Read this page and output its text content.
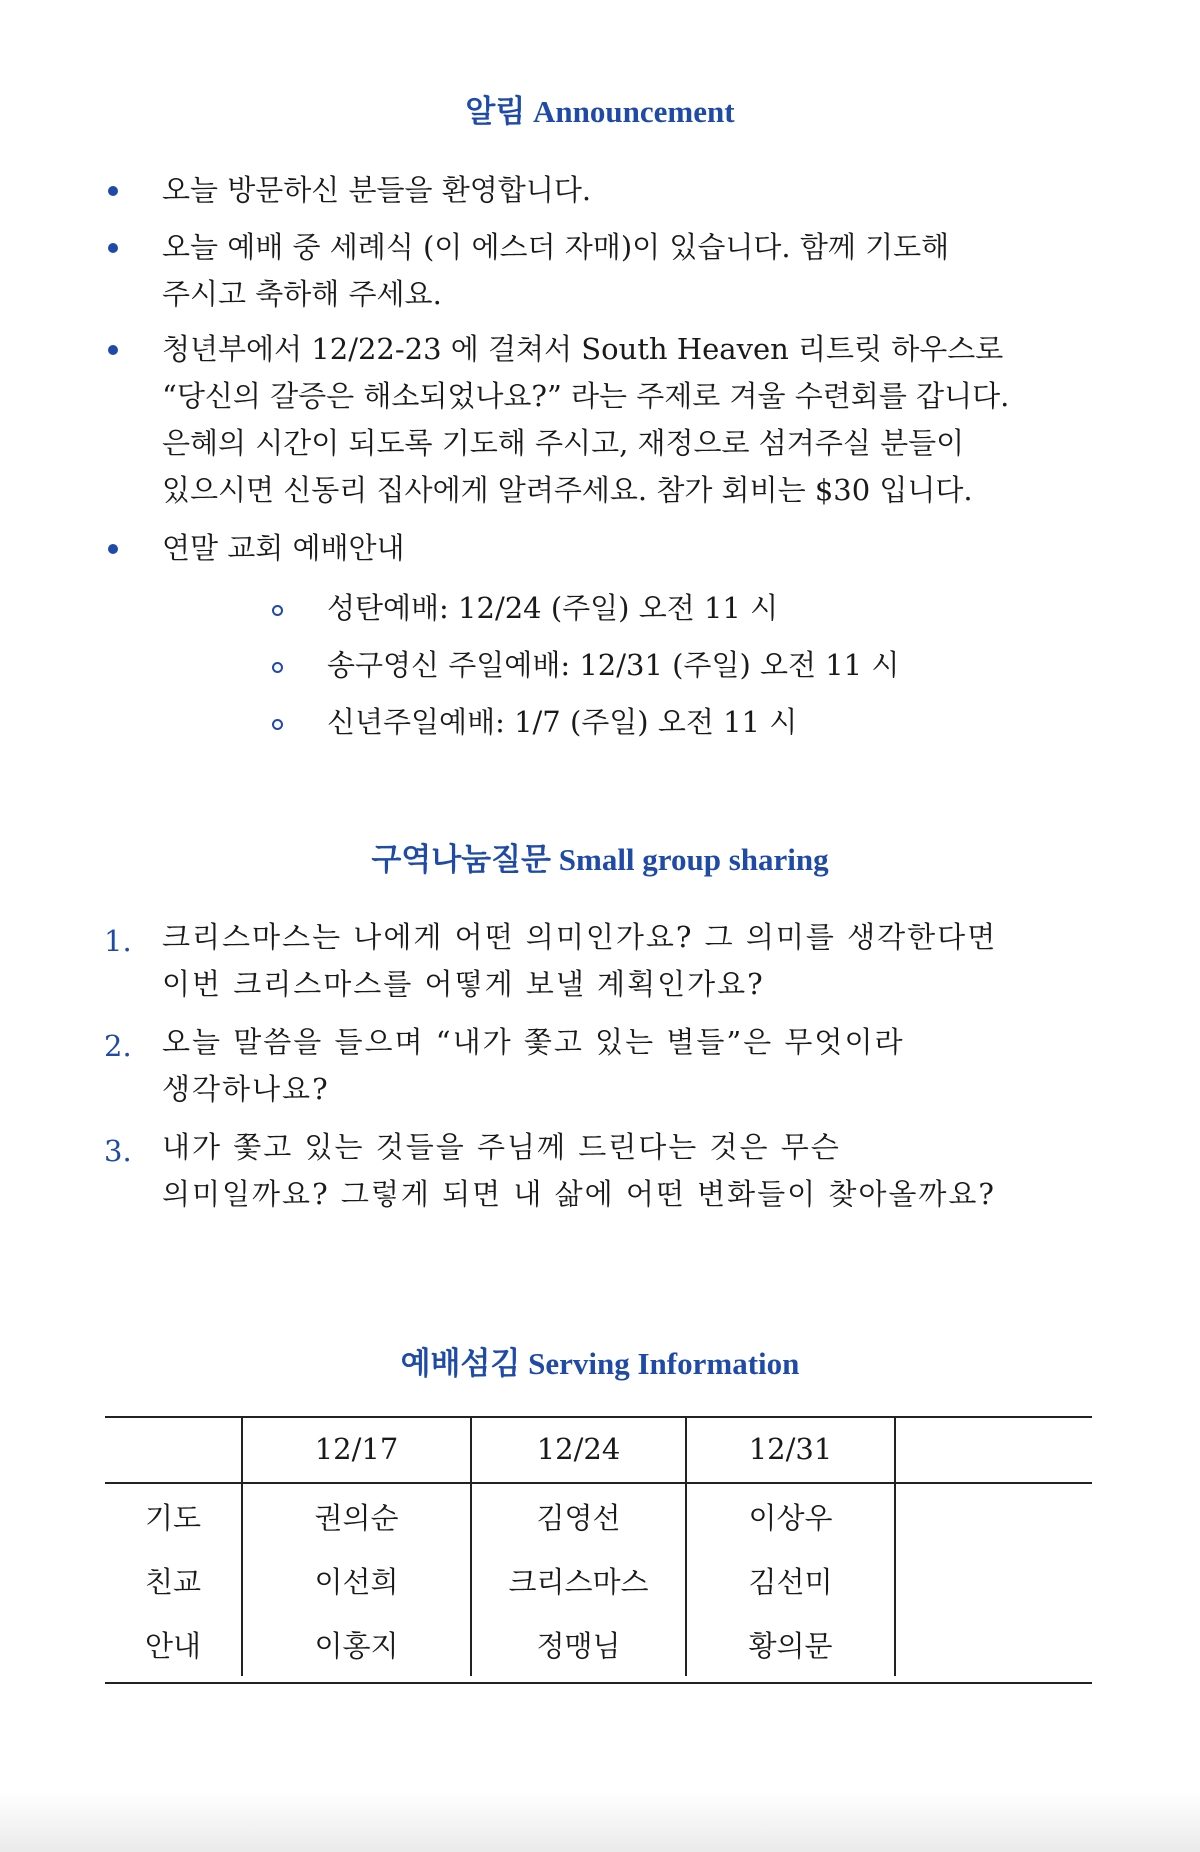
알림 Announcement
오늘 방문하신 분들을 환영합니다.
오늘 예배 중 세례식 (이 에스더 자매)이 있습니다. 함께 기도해
주시고 축하해 주세요.
청년부에서 12/22-23 에 걸쳐서 South Heaven 리트릿 하우스로
“당신의 갈증은 해소되었나요?” 라는 주제로 겨울 수련회를 갑니다.
은혜의 시간이 되도록 기도해 주시고, 재정으로 섬겨주실 분들이
있으시면 신동리 집사에게 알려주세요. 참가 회비는 $30 입니다.
연말 교회 예배안내
성탄예배: 12/24 (주일) 오전 11 시
송구영신 주일예배: 12/31 (주일) 오전 11 시
신년주일예배: 1/7 (주일) 오전 11 시
구역나눔질문 Small group sharing
1. 크리스마스는 나에게 어떤 의미인가요? 그 의미를 생각한다면
이번 크리스마스를 어떻게 보낼 계획인가요?
2. 오늘 말씀을 들으며 “내가 쫓고 있는 별들”은 무엇이라
생각하나요?
3. 내가 쫓고 있는 것들을 주님께 드린다는 것은 무슨
의미일까요? 그렇게 되면 내 삶에 어떤 변화들이 찾아올까요?
예배섬김 Serving Information
	12/17	12/24	12/31	
기도	권의순	김영선	이상우	
친교	이선희	크리스마스	김선미	
안내	이홍지	정맹님	황의문	
